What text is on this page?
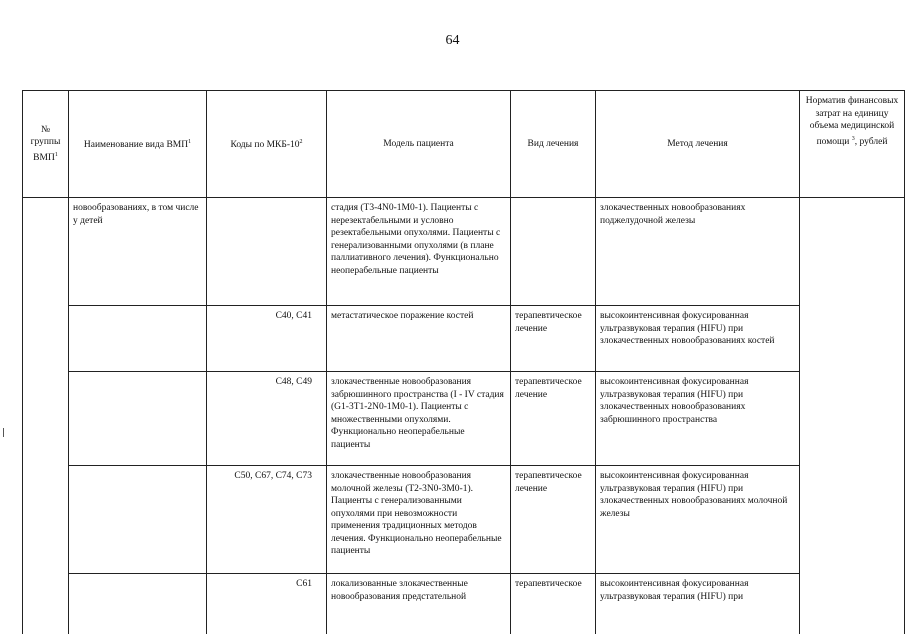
64
№ группы ВМП$^1$	Наименование вида ВМП$^1$	Коды по МКБ-$10^2$	Модель пациента	Вид лечения	Метод лечения	Норматив финансовых затрат на единицу объема медицинской помощи $^3$, рублей
	новообразованиях, в том числе у детей		стадия (T3-4N0-1M0-1). Пациенты с нерезектабельными и условно резектабельными опухолями. Пациенты с генерализованными опухолями (в плане паллиативного лечения). Функционально неоперабельные пациенты		злокачественных новообразованиях поджелудочной железы	
		C40, C41	метастатическое поражение костей	терапевтическое лечение	высокоинтенсивная фокусированная ультразвуковая терапия (HIFU) при злокачественных новообразованиях костей	
		C48, C49	злокачественные новообразования забрюшинного пространства (I - IV стадия (G1-3T1-2N0-1M0-1). Пациенты с множественными опухолями. Функционально неоперабельные пациенты	терапевтическое лечение	высокоинтенсивная фокусированная ультразвуковая терапия (HIFU) при злокачественных новообразованиях забрюшинного пространства	
		C50, C67, C74, C73	злокачественные новообразования молочной железы (T2-3N0-3M0-1). Пациенты с генерализованными опухолями при невозможности применения традиционных методов лечения. Функционально неоперабельные пациенты	терапевтическое лечение	высокоинтенсивная фокусированная ультразвуковая терапия (HIFU) при злокачественных новообразованиях молочной железы	
		C61	локализованные злокачественные новообразования предстательной	терапевтическое	высокоинтенсивная фокусированная ультразвуковая терапия (HIFU) при	
